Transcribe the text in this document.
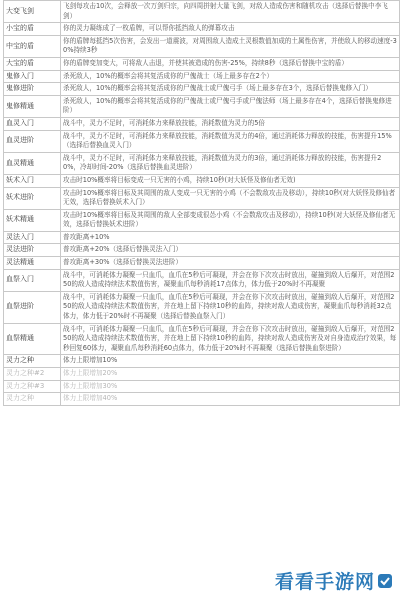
大变飞剑	飞剑每攻击10次，会释放一次万剑归宗，向四周拼射大量飞剑，对敌人造成伤害和随机攻击（选择后替换中李飞剑）
小宝的盾	你的灵力凝练成了一枚盾牌，可以帮你抵挡敌人的弹幕攻击
中宝的盾	你的盾牌每抵挡5次伤害，会发出一道震波，对周围敌人造成土灵根数值加成的土属性伤害，并使敌人的移动速度-30%持续3秒
大宝的盾	你的盾牌变加变大，可将敌人击退，并使其被造成的伤害-25%，持续8秒（选择后替换中宝的盾）
鬼修入门	杀死敌人，10%的概率会将其复活成你的尸傀战士（场上最多存在2个）
鬼修进阶	杀死敌人，10%的概率会将其复活成你的尸傀战士或尸傀弓手（场上最多存在3个，选择后替换鬼修入门）
鬼修精通	杀死敌人，10%的概率会将其复活成你的尸傀战士或尸傀弓手或尸傀法师（场上最多存在4个，选择后替换鬼修进阶）
血灵入门	战斗中，灵力不足时，可消耗体力来释放技能，消耗数值为灵力的5倍
血灵进阶	战斗中，灵力不足时，可消耗体力来释放技能，消耗数值为灵力的4倍，通过消耗体力释放的技能，伤害提升15%（选择后替换血灵入门）
血灵精通	战斗中，灵力不足时，可消耗体力来释放技能，消耗数值为灵力的3倍，通过消耗体力释放的技能，伤害提升20%，冷却时间-20%（选择后替换血灵进阶）
妖术入门	攻击时10%概率将目标变成一只无害的小鸡，持续10秒(对大妖怪及修仙者无效)
妖术进阶	攻击时10%概率将目标及其周围的敌人变成一只无害的小鸡（不会数敌攻击及移动），持续10秒(对大妖怪及修仙者无效，选择后替换妖术入门）
妖术精通	攻击时10%概率将目标及其周围的敌人全部变成很怂小鸡（不会数敌攻击及移动），持续10秒(对大妖怪及修仙者无效，选择后替换妖术进阶）
灵法入门	普攻距离+10%
灵法进阶	普攻距离+20%（选择后替换灵法入门）
灵法精通	普攻距离+30%（选择后替换灵法进阶）
血祭入门	战斗中，可消耗体力凝聚一只血爪，血爪在5秒后可凝现，并会在你下次攻击时放出，碰撞到敌人后爆开，对范围250的敌人造成持续法术数值伤害，凝聚血爪每秒消耗17点体力，体力低于20%时不再凝聚
血祭进阶	战斗中，可消耗体力凝聚一只血爪，血爪在5秒后可凝现，并会在你下次攻击时放出，碰撞到敌人后爆开，对范围250的敌人造成持续法术数值伤害，并在地上留下持续10秒的血阵，持续对敌人造成伤害，凝聚血爪每秒消耗32点体力，体力低于20%时不再凝聚（选择后替换血祭入门）
血祭精通	战斗中，可消耗体力凝聚一只血爪，血爪在5秒后可凝现，并会在你下次攻击时放出，碰撞到敌人后爆开，对范围250的敌人造成持续法术数值伤害，并在地上留下持续10秒的血阵，持续对敌人造成伤害及对自身造成治疗效果，每秒回复60体力，凝聚血爪每秒消耗60点体力，体力低于20%时不再凝聚（选择后替换血祭进阶）
灵力之种	体力上限增加10%
灵力之种#2	体力上限增加20%
灵力之种#3	体力上限增加30%
灵力之种	体力上限增加40%
看看手游网
